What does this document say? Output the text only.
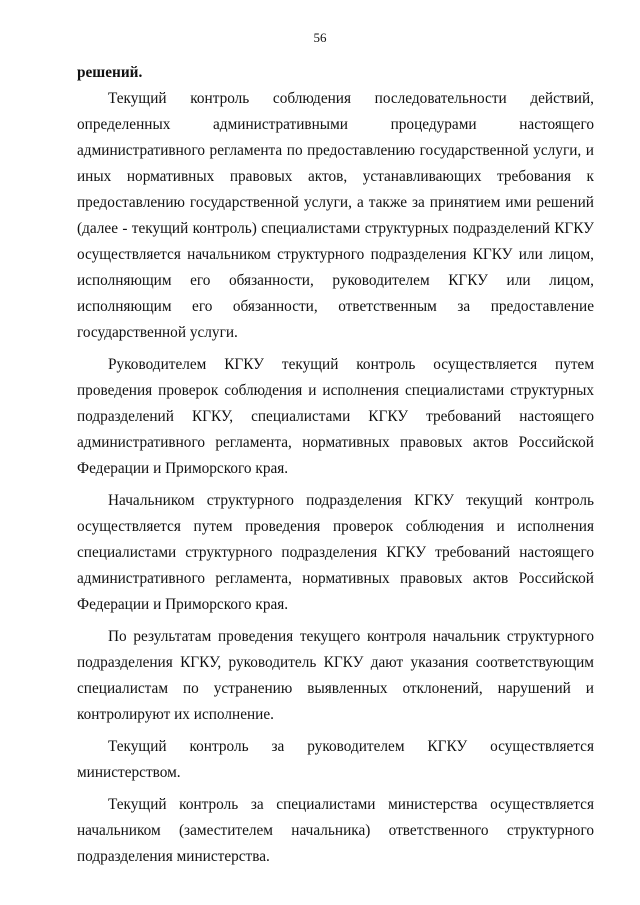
56

решений.

Текущий контроль соблюдения последовательности действий, определенных административными процедурами настоящего административного регламента по предоставлению государственной услуги, и иных нормативных правовых актов, устанавливающих требования к предоставлению государственной услуги, а также за принятием ими решений (далее - текущий контроль) специалистами структурных подразделений КГКУ осуществляется начальником структурного подразделения КГКУ или лицом, исполняющим его обязанности, руководителем КГКУ или лицом, исполняющим его обязанности, ответственным за предоставление государственной услуги.

Руководителем КГКУ текущий контроль осуществляется путем проведения проверок соблюдения и исполнения специалистами структурных подразделений КГКУ, специалистами КГКУ требований настоящего административного регламента, нормативных правовых актов Российской Федерации и Приморского края.

Начальником структурного подразделения КГКУ текущий контроль осуществляется путем проведения проверок соблюдения и исполнения специалистами структурного подразделения КГКУ требований настоящего административного регламента, нормативных правовых актов Российской Федерации и Приморского края.

По результатам проведения текущего контроля начальник структурного подразделения КГКУ, руководитель КГКУ дают указания соответствующим специалистам по устранению выявленных отклонений, нарушений и контролируют их исполнение.

Текущий контроль за руководителем КГКУ осуществляется министерством.

Текущий контроль за специалистами министерства осуществляется начальником (заместителем начальника) ответственного структурного подразделения министерства.
